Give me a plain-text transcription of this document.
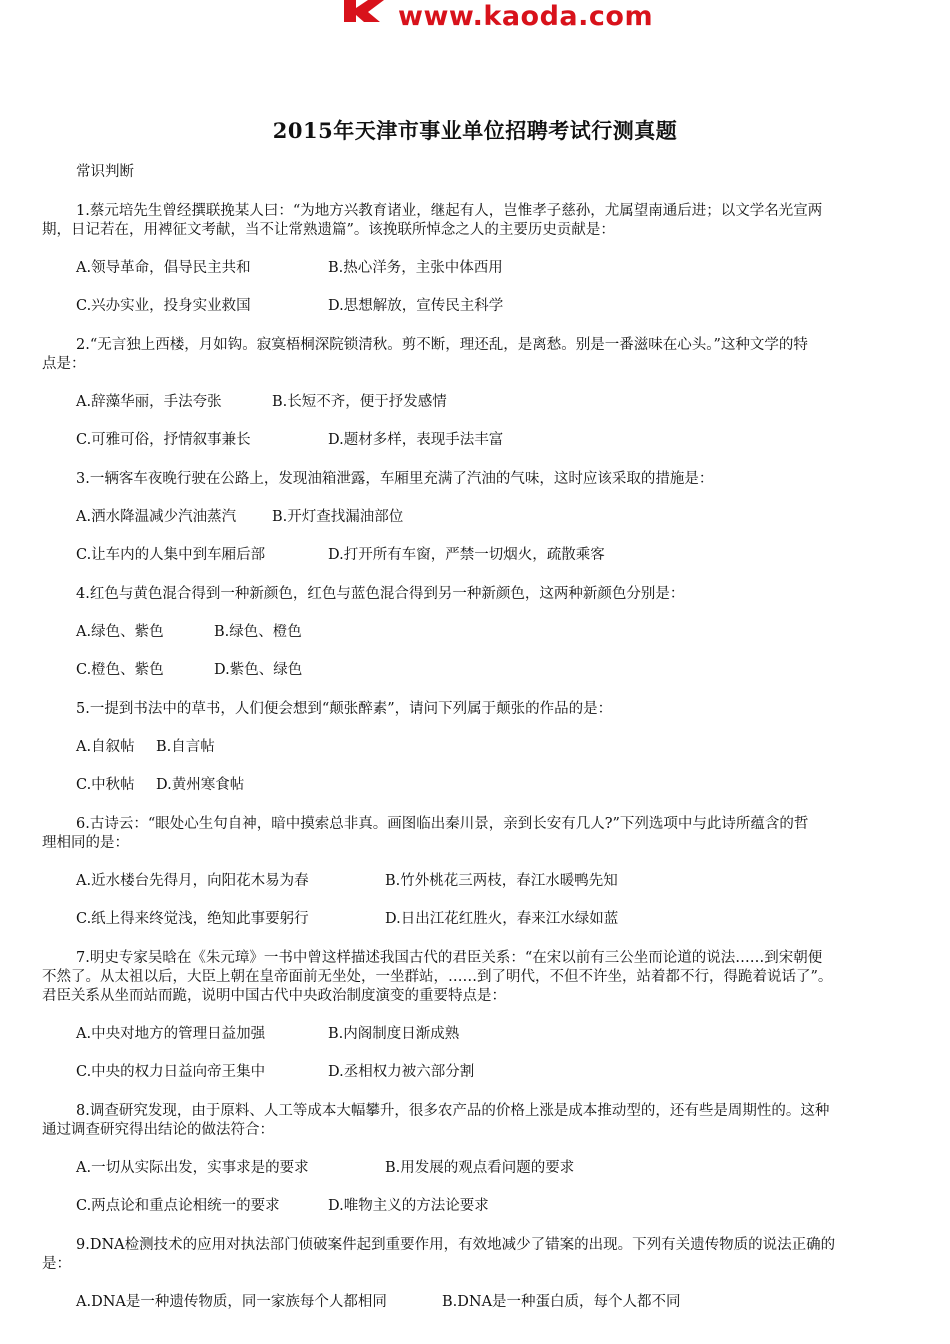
www.kaoda.com
2015年天津市事业单位招聘考试行测真题
常识判断
1.蔡元培先生曾经撰联挽某人曰：“为地方兴教育诸业，继起有人，岂惟孝子慈孙，尤属望南通后进；以文学名光宣两
期，日记若在，用裨征文考献，当不让常熟遗篇”。该挽联所悼念之人的主要历史贡献是：
A.领导革命，倡导民主共和	B.热心洋务，主张中体西用
C.兴办实业，投身实业救国	D.思想解放，宣传民主科学
2.“无言独上西楼，月如钩。寂寞梧桐深院锁清秋。剪不断，理还乱，是离愁。别是一番滋味在心头。”这种文学的特
点是：
A.辞藻华丽，手法夸张	B.长短不齐，便于抒发感情
C.可雅可俗，抒情叙事兼长	D.题材多样，表现手法丰富
3.一辆客车夜晚行驶在公路上，发现油箱泄露，车厢里充满了汽油的气味，这时应该采取的措施是：
A.洒水降温减少汽油蒸汽 B.开灯查找漏油部位
C.让车内的人集中到车厢后部	D.打开所有车窗，严禁一切烟火，疏散乘客
4.红色与黄色混合得到一种新颜色，红色与蓝色混合得到另一种新颜色，这两种新颜色分别是：
A.绿色、紫色	B.绿色、橙色
C.橙色、紫色	D.紫色、绿色
5.一提到书法中的草书，人们便会想到“颠张醉素”，请问下列属于颠张的作品的是：
A.自叙帖 B.自言帖
C.中秋帖 D.黄州寒食帖
6.古诗云：“眼处心生句自神，暗中摸索总非真。画图临出秦川景，亲到长安有几人?”下列选项中与此诗所蕴含的哲
理相同的是：
A.近水楼台先得月，向阳花木易为春	B.竹外桃花三两枝，春江水暖鸭先知
C.纸上得来终觉浅，绝知此事要躬行	D.日出江花红胜火，春来江水绿如蓝
7.明史专家吴晗在《朱元璋》一书中曾这样描述我国古代的君臣关系：“在宋以前有三公坐而论道的说法……到宋朝便
不然了。从太祖以后，大臣上朝在皇帝面前无坐处，一坐群站，……到了明代，不但不许坐，站着都不行，得跪着说话了”。
君臣关系从坐而站而跪，说明中国古代中央政治制度演变的重要特点是：
A.中央对地方的管理日益加强	B.内阁制度日渐成熟
C.中央的权力日益向帝王集中	D.丞相权力被六部分割
8.调查研究发现，由于原料、人工等成本大幅攀升，很多农产品的价格上涨是成本推动型的，还有些是周期性的。这种
通过调查研究得出结论的做法符合：
A.一切从实际出发，实事求是的要求	B.用发展的观点看问题的要求
C.两点论和重点论相统一的要求	D.唯物主义的方法论要求
9.DNA检测技术的应用对执法部门侦破案件起到重要作用，有效地减少了错案的出现。下列有关遗传物质的说法正确的
是：
A.DNA是一种遗传物质，同一家族每个人都相同	B.DNA是一种蛋白质，每个人都不同
